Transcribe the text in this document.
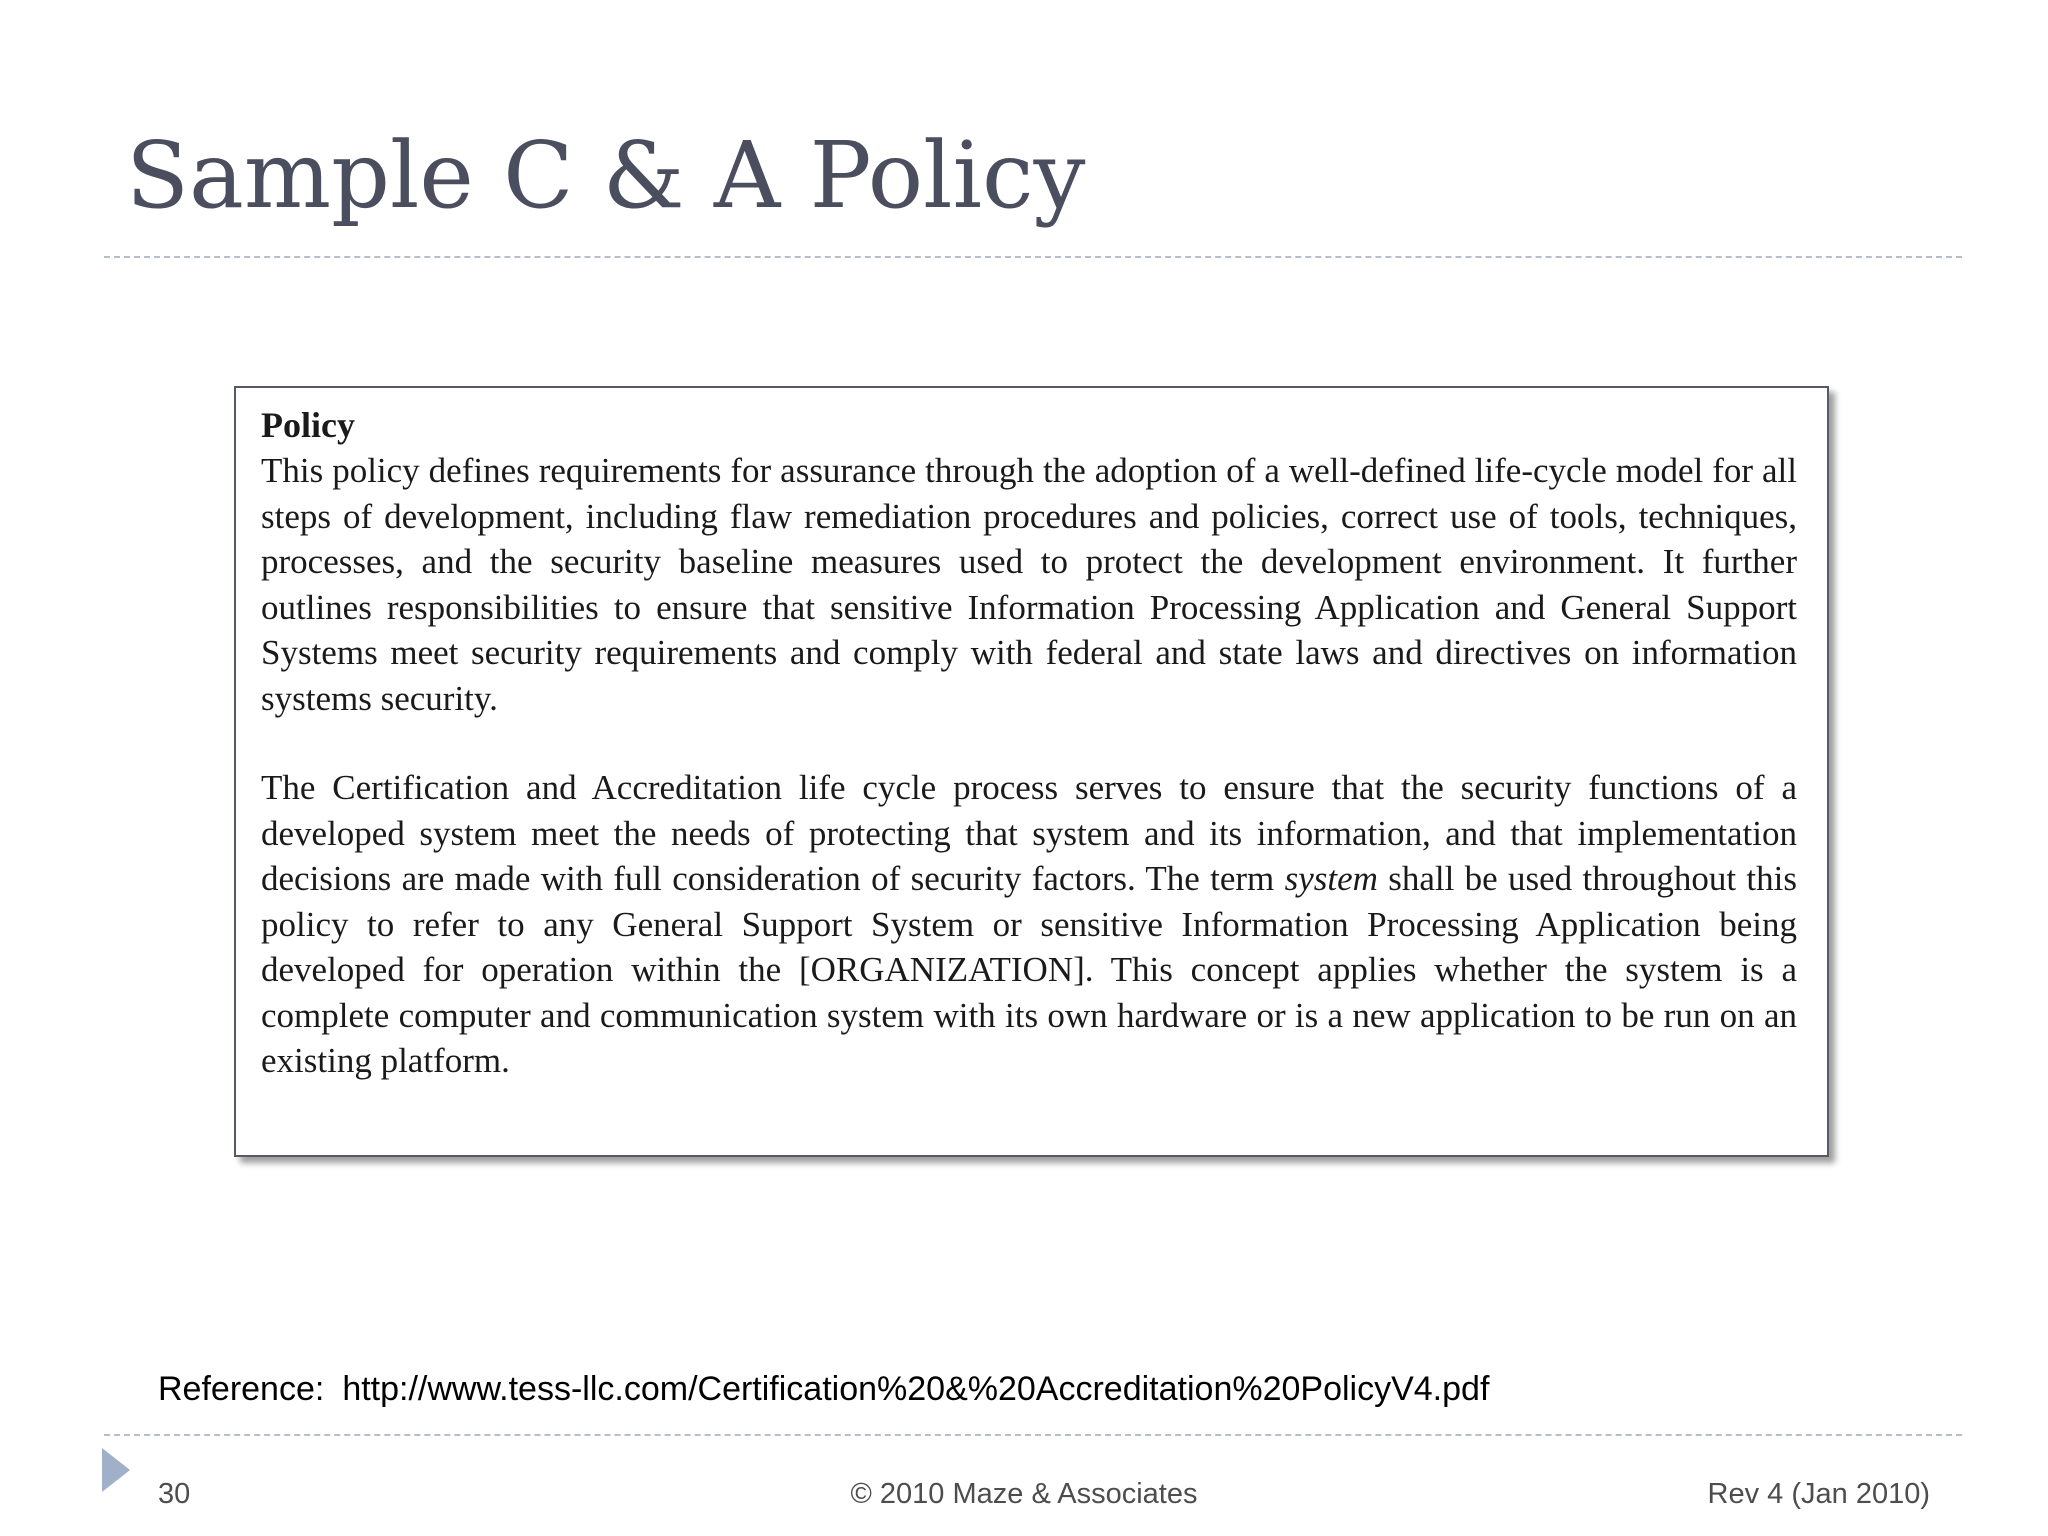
Sample C & A Policy

Policy

This policy defines requirements for assurance through the adoption of a well-defined life-cycle model for all steps of development, including flaw remediation procedures and policies, correct use of tools, techniques, processes, and the security baseline measures used to protect the development environment. It further outlines responsibilities to ensure that sensitive Information Processing Application and General Support Systems meet security requirements and comply with federal and state laws and directives on information systems security.

The Certification and Accreditation life cycle process serves to ensure that the security functions of a developed system meet the needs of protecting that system and its information, and that implementation decisions are made with full consideration of security factors. The term system shall be used throughout this policy to refer to any General Support System or sensitive Information Processing Application being developed for operation within the [ORGANIZATION]. This concept applies whether the system is a complete computer and communication system with its own hardware or is a new application to be run on an existing platform.

Reference: http://www.tess-llc.com/Certification%20&%20Accreditation%20PolicyV4.pdf

30	© 2010 Maze & Associates	Rev 4 (Jan 2010)
